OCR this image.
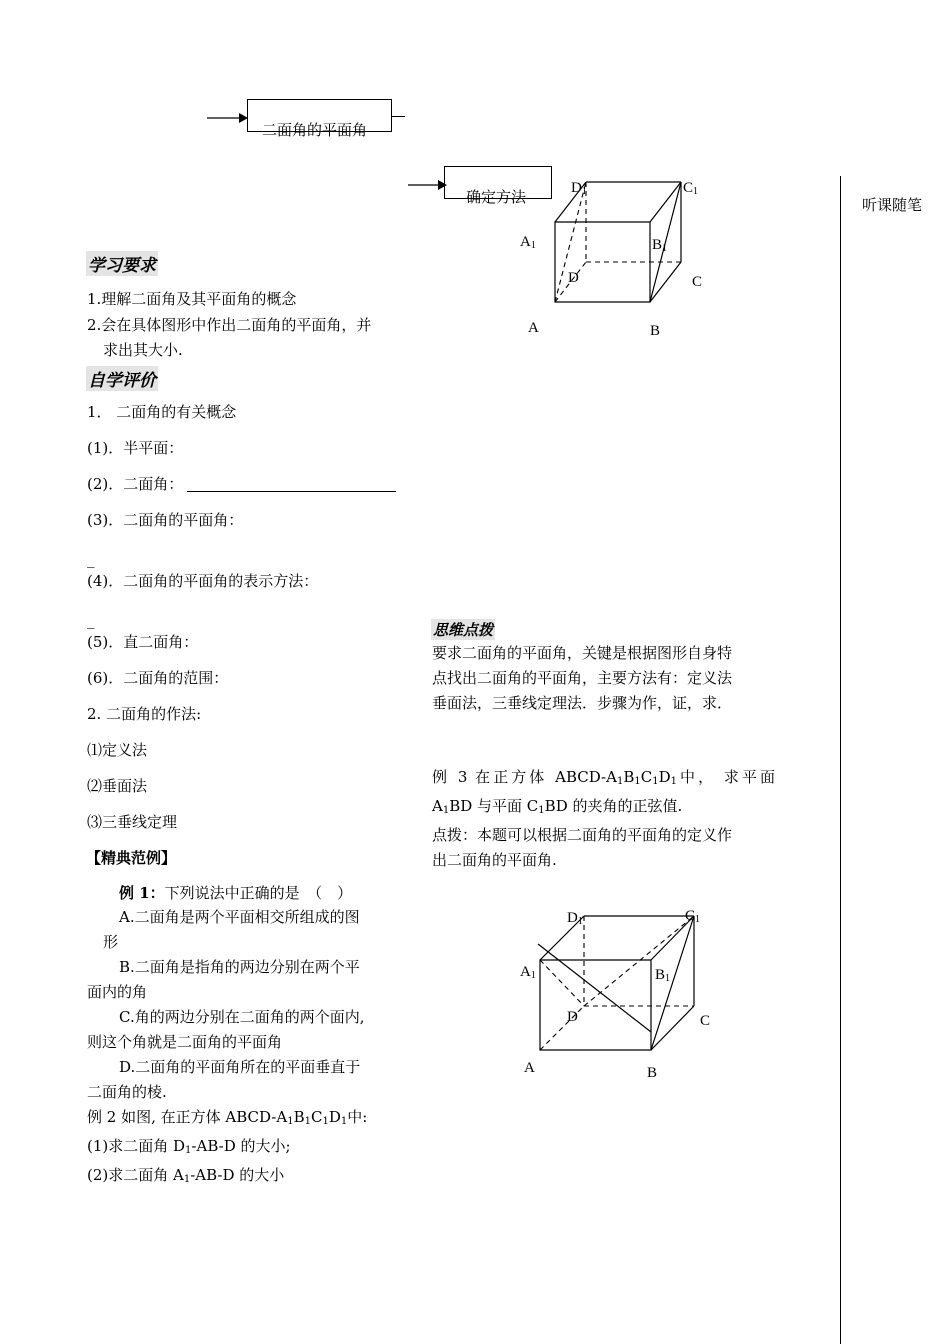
二面角的平面角
确定方法	听课随笔
D1	C1
A1	B1
D	C
A	B
学习要求
1.理解二面角及其平面角的概念
2.会在具体图形中作出二面角的平面角，并
求出其大小.
自学评价
1． 二面角的有关概念
(1)．半平面：
(2)．二面角：
(3)．二面角的平面角：
_
(4)．二面角的平面角的表示方法：
_
(5)．直二面角：
(6)．二面角的范围：
2. 二面角的作法:
⑴定义法
⑵垂面法
⑶三垂线定理
【精典范例】
例 1：下列说法中正确的是　（　）
A.二面角是两个平面相交所组成的图
形
B.二面角是指角的两边分别在两个平
面内的角
C.角的两边分别在二面角的两个面内,
则这个角就是二面角的平面角
D.二面角的平面角所在的平面垂直于
二面角的棱.
例 2 如图, 在正方体 ABCD-$A_1B_1C_1D_1$中:
(1)求二面角 $D_1-AB-D$ 的大小;
(2)求二面角 $A_1-AB-D$ 的大小
思维点拨
要求二面角的平面角，关键是根据图形自身特
点找出二面角的平面角，主要方法有：定义法
垂面法，三垂线定理法．步骤为作，证，求．
例 3 在正方体 ABCD-$A_1B_1C_1D_1$中， 求平面
$A_1BD$ 与平面 $C_1BD$ 的夹角的正弦值.
点拨：本题可以根据二面角的平面角的定义作
出二面角的平面角.
D1	C1
A1	B1
D	C
A	B
